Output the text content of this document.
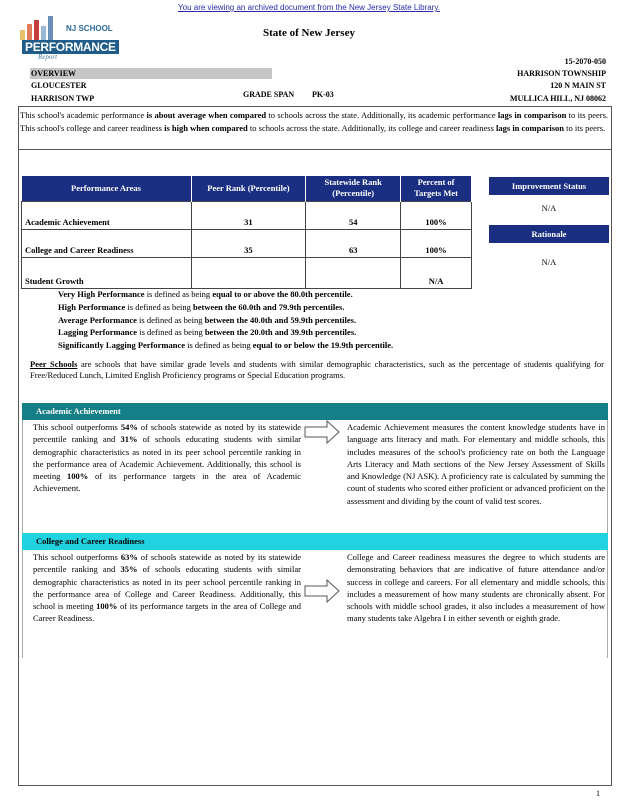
You are viewing an archived document from the New Jersey State Library.
NJ SCHOOL
PERFORMANCE
Report
State of New Jersey
OVERVIEW
GLOUCESTER
HARRISON TWP	GRADE SPAN PK-03
15-2070-050
HARRISON TOWNSHIP
120 N MAIN ST
MULLICA HILL, NJ 08062
This school's academic performance is about average when compared to schools across the state. Additionally, its academic performance lags in comparison to its peers. This school's college and career readiness is high when compared to schools across the state. Additionally, its college and career readiness lags in comparison to its peers.
Performance Areas	Peer Rank (Percentile)	Statewide Rank (Percentile)	Percent of Targets Met
Academic Achievement	31	54	100%
College and Career Readiness	35	63	100%
Student Growth			N/A
Improvement Status
N/A
Rationale
N/A
Very High Performance is defined as being equal to or above the 80.0th percentile.
High Performance is defined as being between the 60.0th and 79.9th percentiles.
Average Performance is defined as being between the 40.0th and 59.9th percentiles.
Lagging Performance is defined as being between the 20.0th and 39.9th percentiles.
Significantly Lagging Performance is defined as being equal to or below the 19.9th percentile.
Peer Schools are schools that have similar grade levels and students with similar demographic characteristics, such as the percentage of students qualifying for Free/Reduced Lunch, Limited English Proficiency programs or Special Education programs.
Academic Achievement
This school outperforms 54% of schools statewide as noted by its statewide percentile ranking and 31% of schools educating students with similar demographic characteristics as noted in its peer school percentile ranking in the performance area of Academic Achievement. Additionally, this school is meeting 100% of its performance targets in the area of Academic Achievement.
Academic Achievement measures the content knowledge students have in language arts literacy and math. For elementary and middle schools, this includes measures of the school's proficiency rate on both the Language Arts Literacy and Math sections of the New Jersey Assessment of Skills and Knowledge (NJ ASK). A proficiency rate is calculated by summing the count of students who scored either proficient or advanced proficient on the assessment and dividing by the count of valid test scores.
College and Career Readiness
This school outperforms 63% of schools statewide as noted by its statewide percentile ranking and 35% of schools educating students with similar demographic characteristics as noted in its peer school percentile ranking in the performance area of College and Career Readiness. Additionally, this school is meeting 100% of its performance targets in the area of College and Career Readiness.
College and Career readiness measures the degree to which students are demonstrating behaviors that are indicative of future attendance and/or success in college and careers. For all elementary and middle schools, this includes a measurement of how many students are chronically absent. For schools with middle school grades, it also includes a measurement of how many students take Algebra I in either seventh or eighth grade.
1
